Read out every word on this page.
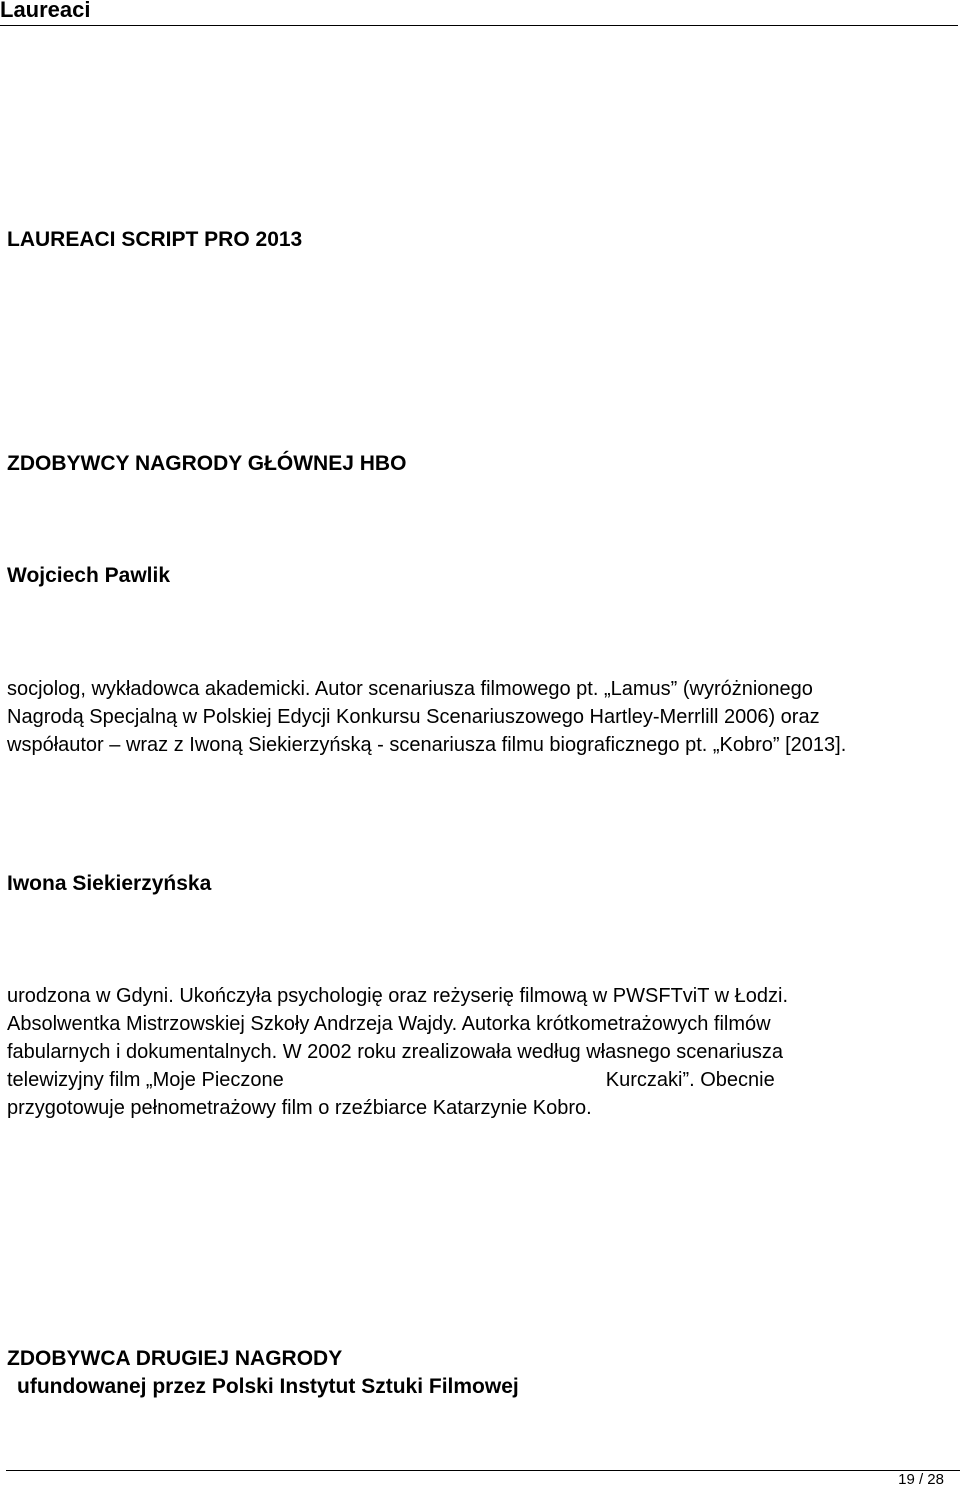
Laureaci
LAUREACI SCRIPT PRO 2013
ZDOBYWCY NAGRODY GŁÓWNEJ HBO
Wojciech Pawlik

socjolog, wykładowca akademicki. Autor scenariusza filmowego pt. „Lamus” (wyróżnionego
Nagrodą Specjalną w Polskiej Edycji Konkursu Scenariuszowego Hartley-Merrlill 2006) oraz
współautor – wraz z Iwoną Siekierzyńską - scenariusza filmu biograficznego pt. „Kobro” [2013].

Iwona Siekierzyńska

urodzona w Gdyni. Ukończyła psychologię oraz reżyserię filmową w PWSFTviT w Łodzi.
Absolwentka Mistrzowskiej Szkoły Andrzeja Wajdy. Autorka krótkometrażowych filmów
fabularnych i dokumentalnych. W 2002 roku zrealizowała według własnego scenariusza
telewizyjny film „Moje Pieczone	Kurczaki”. Obecnie
przygotowuje pełnometrażowy film o rzeźbiarce Katarzynie Kobro.

ZDOBYWCA DRUGIEJ NAGRODY
ufundowanej przez Polski Instytut Sztuki Filmowej
19 / 28
